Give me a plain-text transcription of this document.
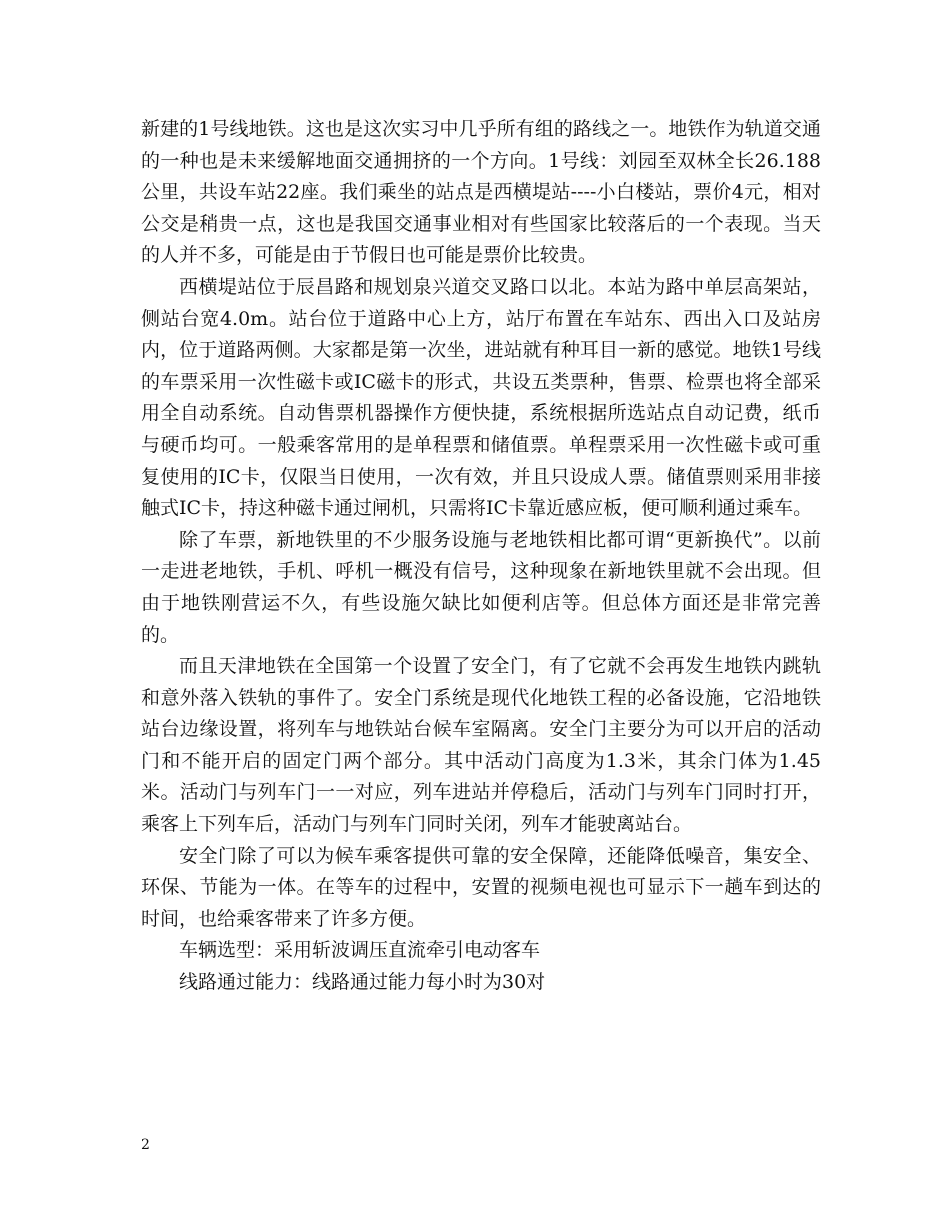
新建的1号线地铁。这也是这次实习中几乎所有组的路线之一。地铁作为轨道交通的一种也是未来缓解地面交通拥挤的一个方向。1号线：刘园至双林全长26.188公里，共设车站22座。我们乘坐的站点是西横堤站----小白楼站，票价4元，相对公交是稍贵一点，这也是我国交通事业相对有些国家比较落后的一个表现。当天的人并不多，可能是由于节假日也可能是票价比较贵。

西横堤站位于辰昌路和规划泉兴道交叉路口以北。本站为路中单层高架站，侧站台宽4.0m。站台位于道路中心上方，站厅布置在车站东、西出入口及站房内，位于道路两侧。大家都是第一次坐，进站就有种耳目一新的感觉。地铁1号线的车票采用一次性磁卡或IC磁卡的形式，共设五类票种，售票、检票也将全部采用全自动系统。自动售票机器操作方便快捷，系统根据所选站点自动记费，纸币与硬币均可。一般乘客常用的是单程票和储值票。单程票采用一次性磁卡或可重复使用的IC卡，仅限当日使用，一次有效，并且只设成人票。储值票则采用非接触式IC卡，持这种磁卡通过闸机，只需将IC卡靠近感应板，便可顺利通过乘车。

除了车票，新地铁里的不少服务设施与老地铁相比都可谓“更新换代”。以前一走进老地铁，手机、呼机一概没有信号，这种现象在新地铁里就不会出现。但由于地铁刚营运不久，有些设施欠缺比如便利店等。但总体方面还是非常完善的。

而且天津地铁在全国第一个设置了安全门，有了它就不会再发生地铁内跳轨和意外落入铁轨的事件了。安全门系统是现代化地铁工程的必备设施，它沿地铁站台边缘设置，将列车与地铁站台候车室隔离。安全门主要分为可以开启的活动门和不能开启的固定门两个部分。其中活动门高度为1.3米，其余门体为1.45米。活动门与列车门一一对应，列车进站并停稳后，活动门与列车门同时打开，乘客上下列车后，活动门与列车门同时关闭，列车才能驶离站台。

安全门除了可以为候车乘客提供可靠的安全保障，还能降低噪音，集安全、环保、节能为一体。在等车的过程中，安置的视频电视也可显示下一趟车到达的时间，也给乘客带来了许多方便。

车辆选型：采用斩波调压直流牵引电动客车

线路通过能力：线路通过能力每小时为30对

2
